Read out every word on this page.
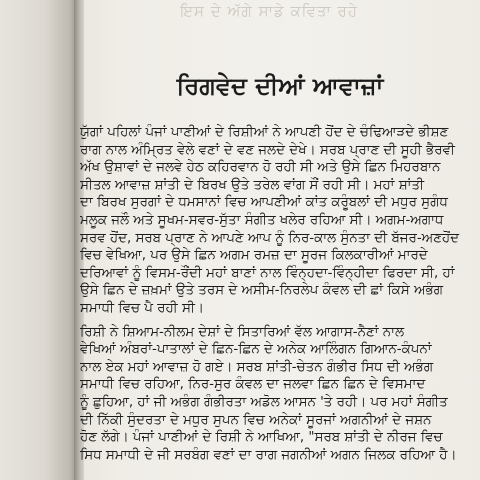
ਇਸ ਦੇ ਅੱਗੇ ਸਾਡੇ ਕਵਿਤਾ ਰਹੇ
ਰਿਗਵੇਦ ਦੀਆਂ ਆਵਾਜ਼ਾਂ
ਯੁੱਗਾਂ ਪਹਿਲਾਂ ਪੰਜਾਂ ਪਾਣੀਆਂ ਦੇ ਰਿਸ਼ੀਆਂ ਨੇ ਆਪਣੀ ਹੋਂਦ ਦੇ ਚੰਢਿਆੜਦੇ ਭੀਸ਼ਣ
ਰਾਗ ਨਾਲ ਅੰਮ੍ਰਿਤ ਵੇਲੇ ਵਣਾਂ ਦੇ ਵਣ ਜਲਦੇ ਦੇਖੇ। ਸਰਬ ਪ੍ਰਾਣ ਦੀ ਸੂਹੀ ਭੈਰਵੀ
ਅੱਖ ਉਸ਼ਾਵਾਂ ਦੇ ਜਲਵੇ ਹੇਠ ਕਹਿਰਵਾਨ ਹੋ ਰਹੀ ਸੀ ਅਤੇ ਉਸੇ ਛਿਨ ਮਿਹਰਬਾਨ
ਸੀਤਲ ਆਵਾਜ਼ ਸ਼ਾਂਤੀ ਦੇ ਬਿਰਖ ਉਤੇ ਤਰੇਲ ਵਾਂਗ ਸੌਂ ਰਹੀ ਸੀ। ਮਹਾਂ ਸ਼ਾਂਤੀ
ਦਾ ਬਿਰਖ ਸੁਰਗਾਂ ਦੇ ਧਮਸਾਨਾਂ ਵਿਚ ਆਪਣੀਆਂ ਕਾਂਤ ਕਰੂੰਬਲਾਂ ਦੀ ਮਧੁਰ ਸੁਗੰਧ
ਮਲੂਕ ਜਲੌ ਅਤੇ ਸੂਖਮ-ਸਵਰ-ਸੁੱਤਾ ਸੰਗੀਤ ਖਲੇਰ ਰਹਿਆ ਸੀ। ਅਗਮ-ਅਗਾਧ
ਸਰਵ ਹੋਂਦ, ਸਰਬ ਪ੍ਰਾਣ ਨੇ ਆਪਣੇ ਆਪ ਨੂੰ ਨਿਰ-ਕਾਲ ਸੁੰਨਤਾ ਦੀ ਬੱਜਰ-ਅਣਹੋਂਦ
ਵਿਚ ਵੇਖਿਆ, ਪਰ ਉਸੇ ਛਿਨ ਅਗਮ ਰਮਜ਼ ਦਾ ਸੂਰਜ ਕਿਲਕਾਰੀਆਂ ਮਾਰਦੇ
ਦਰਿਆਵਾਂ ਨੂੰ ਵਿਸਮ-ਰੌਂਦੀ ਮਹਾਂ ਬਾਣਾਂ ਨਾਲ ਵਿੰਨ੍ਹਦਾ-ਵਿੰਨ੍ਹੀਦਾ ਫਿਰਦਾ ਸੀ, ਹਾਂ
ਉਸੇ ਛਿਨ ਦੇ ਜ਼ਖ਼ਮਾਂ ਉਤੇ ਤਰਸ ਦੇ ਅਸੀਮ-ਨਿਰਲੇਪ ਕੰਵਲ ਦੀ ਛਾਂ ਕਿਸੇ ਅਭੰਗ
ਸਮਾਧੀ ਵਿਚ ਪੈ ਰਹੀ ਸੀ।
ਰਿਸ਼ੀ ਨੇ ਸ਼ਿਆਮ-ਨੀਲਮ ਦੇਸ਼ਾਂ ਦੇ ਸਿਤਾਰਿਆਂ ਵੱਲ ਆਗਾਸ-ਨੈਣਾਂ ਨਾਲ
ਵੇਖਿਆਂ ਅੰਬਰਾਂ-ਪਾਤਾਲਾਂ ਦੇ ਛਿਨ-ਛਿਨ ਦੇ ਅਨੇਕ ਆਲਿੰਗਨ ਗਿਆਨ-ਕੰਪਨਾਂ
ਨਾਲ ਏਕ ਮਹਾਂ ਆਵਾਜ਼ ਹੋ ਗਏ। ਸਰਬ ਸ਼ਾਂਤੀ-ਚੇਤਨ ਗੰਭੀਰ ਸਿਧ ਦੀ ਅਭੰਗ
ਸਮਾਧੀ ਵਿਚ ਰਹਿਆ, ਨਿਰ-ਸੁਰ ਕੰਵਲ ਦਾ ਜਲਵਾ ਛਿਨ ਛਿਨ ਦੇ ਵਿਸਮਾਦ
ਨੂੰ ਛੁਹਿਆ, ਹਾਂ ਜੀ ਅਭੰਗ ਗੰਭੀਰਤਾ ਅਡੋਲ ਆਸਨ 'ਤੇ ਰਹੀ। ਪਰ ਮਹਾਂ ਸੰਗੀਤ
ਦੀ ਨਿੱਕੀ ਸੁੰਦਰਤਾ ਦੇ ਮਧੁਰ ਸੁਪਨ ਵਿਚ ਅਨੇਕਾਂ ਸੂਰਜਾਂ ਅਗਨੀਆਂ ਦੇ ਜਸ਼ਨ
ਹੋਣ ਲੱਗੇ। ਪੰਜਾਂ ਪਾਣੀਆਂ ਦੇ ਰਿਸ਼ੀ ਨੇ ਆਖਿਆ, "ਸਰਬ ਸ਼ਾਂਤੀ ਦੇ ਨੀਰਜ ਵਿਚ
ਸਿਧ ਸਮਾਧੀ ਦੇ ਜੀ ਸਰਬੰਗ ਵਣਾਂ ਦਾ ਰਾਗ ਜਗਨੀਆਂ ਅਗਨ ਜਿਲਕ ਰਹਿਆ ਹੈ।
